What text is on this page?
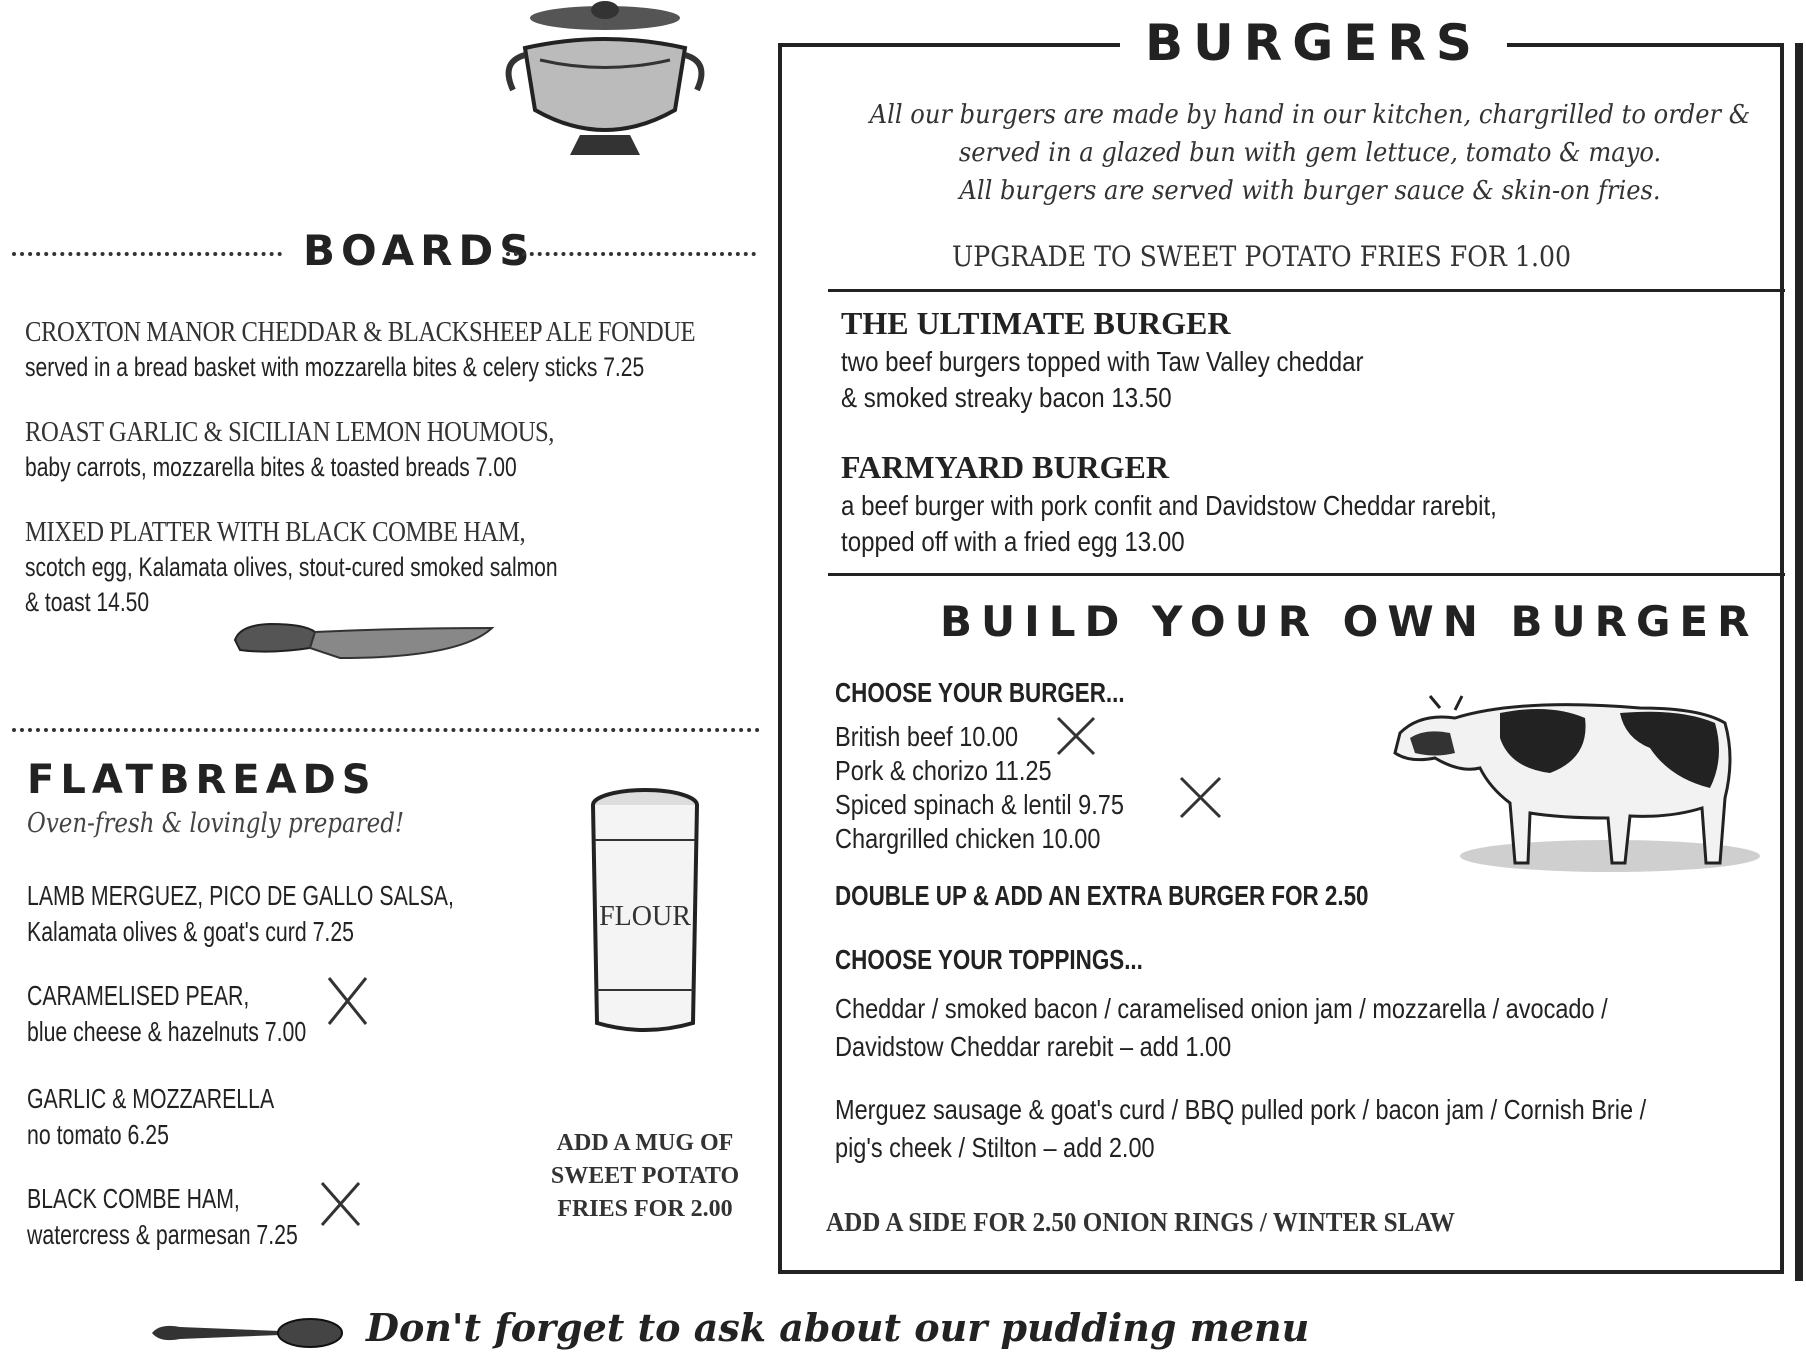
BOARDS
CROXTON MANOR CHEDDAR & BLACKSHEEP ALE FONDUE
served in a bread basket with mozzarella bites & celery sticks 7.25
ROAST GARLIC & SICILIAN LEMON HOUMOUS,
baby carrots, mozzarella bites & toasted breads 7.00
MIXED PLATTER WITH BLACK COMBE HAM,
scotch egg, Kalamata olives, stout-cured smoked salmon
& toast 14.50
FLATBREADS
Oven-fresh & lovingly prepared!
LAMB MERGUEZ, PICO DE GALLO SALSA,
Kalamata olives & goat's curd 7.25
CARAMELISED PEAR,
blue cheese & hazelnuts 7.00
GARLIC & MOZZARELLA
no tomato 6.25
BLACK COMBE HAM,
watercress & parmesan 7.25
FLOUR
ADD A MUG OF
SWEET POTATO
FRIES FOR 2.00
BURGERS
All our burgers are made by hand in our kitchen, chargrilled to order &
served in a glazed bun with gem lettuce, tomato & mayo.
All burgers are served with burger sauce & skin-on fries.
UPGRADE TO SWEET POTATO FRIES FOR 1.00
THE ULTIMATE BURGER
two beef burgers topped with Taw Valley cheddar
& smoked streaky bacon 13.50
FARMYARD BURGER
a beef burger with pork confit and Davidstow Cheddar rarebit,
topped off with a fried egg 13.00
BUILD YOUR OWN BURGER
CHOOSE YOUR BURGER...
British beef 10.00
Pork & chorizo 11.25
Spiced spinach & lentil 9.75
Chargrilled chicken 10.00
DOUBLE UP & ADD AN EXTRA BURGER FOR 2.50
CHOOSE YOUR TOPPINGS...
Cheddar / smoked bacon / caramelised onion jam / mozzarella / avocado /
Davidstow Cheddar rarebit – add 1.00
Merguez sausage & goat's curd / BBQ pulled pork / bacon jam / Cornish Brie /
pig's cheek / Stilton – add 2.00
ADD A SIDE FOR 2.50 ONION RINGS / WINTER SLAW
Don't forget to ask about our pudding menu
